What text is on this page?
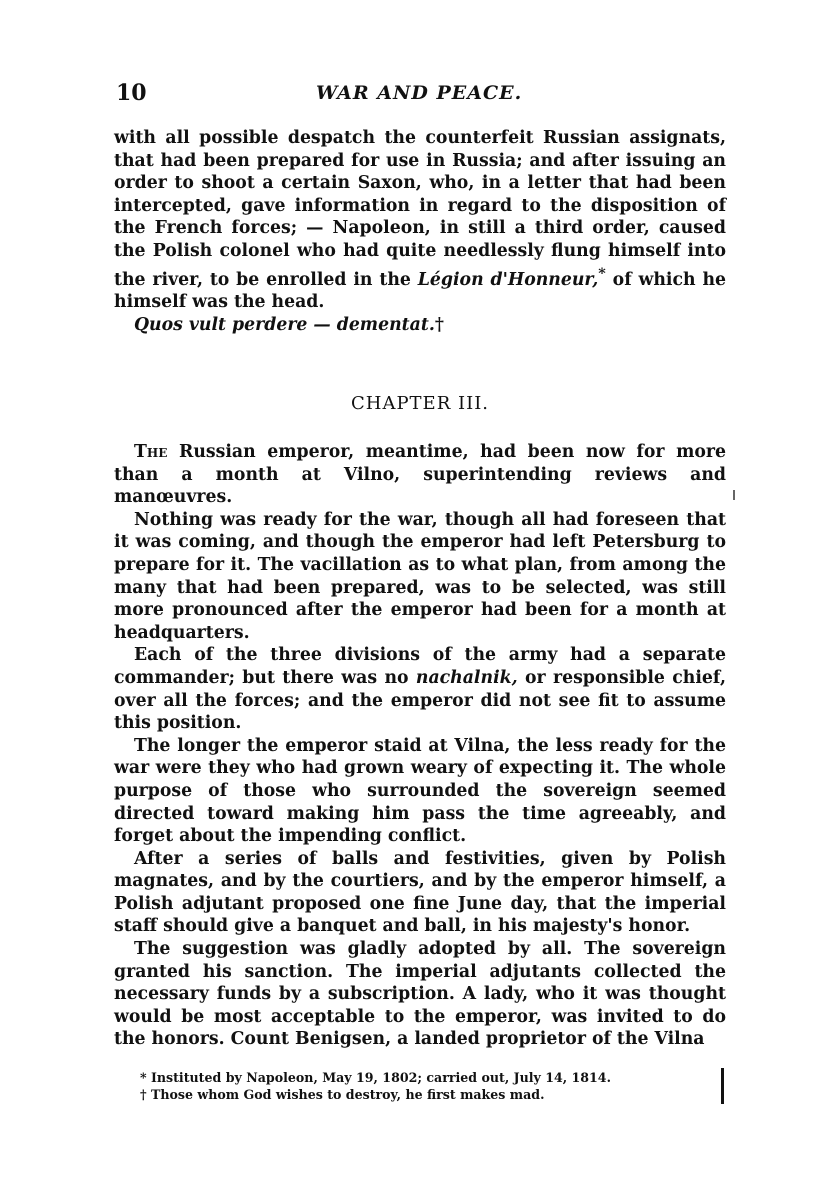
10	WAR AND PEACE.

with all possible despatch the counterfeit Russian assignats, that had been prepared for use in Russia; and after issuing an order to shoot a certain Saxon, who, in a letter that had been intercepted, gave information in regard to the disposition of the French forces; — Napoleon, in still a third order, caused the Polish colonel who had quite needlessly flung himself into the river, to be enrolled in the Légion d'Honneur,* of which he himself was the head.

Quos vult perdere — dementat.†

CHAPTER III.

The Russian emperor, meantime, had been now for more than a month at Vilno, superintending reviews and manœuvres.

Nothing was ready for the war, though all had foreseen that it was coming, and though the emperor had left Petersburg to prepare for it. The vacillation as to what plan, from among the many that had been prepared, was to be selected, was still more pronounced after the emperor had been for a month at headquarters.

Each of the three divisions of the army had a separate commander; but there was no nachalnik, or responsible chief, over all the forces; and the emperor did not see fit to assume this position.

The longer the emperor staid at Vilna, the less ready for the war were they who had grown weary of expecting it. The whole purpose of those who surrounded the sovereign seemed directed toward making him pass the time agreeably, and forget about the impending conflict.

After a series of balls and festivities, given by Polish magnates, and by the courtiers, and by the emperor himself, a Polish adjutant proposed one fine June day, that the imperial staff should give a banquet and ball, in his majesty's honor.

The suggestion was gladly adopted by all. The sovereign granted his sanction. The imperial adjutants collected the necessary funds by a subscription. A lady, who it was thought would be most acceptable to the emperor, was invited to do the honors. Count Benigsen, a landed proprietor of the Vilna

* Instituted by Napoleon, May 19, 1802; carried out, July 14, 1814.
† Those whom God wishes to destroy, he first makes mad.
